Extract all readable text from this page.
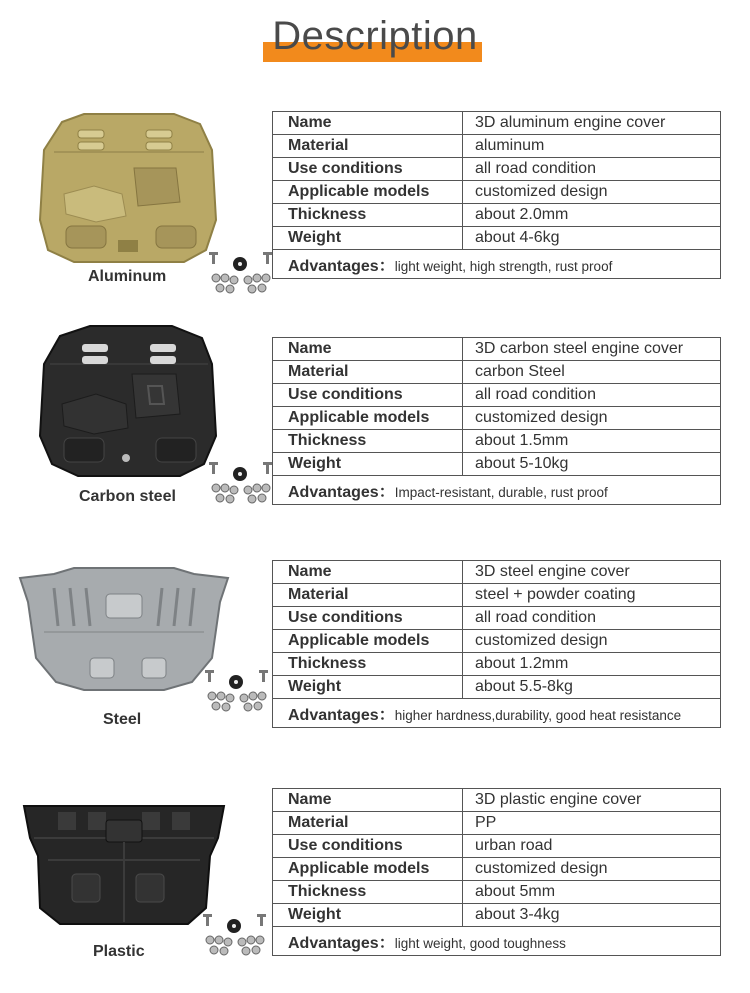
Description
Aluminum
Name	3D aluminum engine cover
Material	aluminum
Use conditions	all road condition
Applicable models	customized design
Thickness	about 2.0mm
Weight	about 4-6kg
Advantages：light weight, high strength, rust proof	
Carbon steel
Name	3D carbon steel engine cover
Material	carbon Steel
Use conditions	all road condition
Applicable models	customized design
Thickness	about 1.5mm
Weight	about 5-10kg
Advantages：Impact-resistant, durable, rust proof	
Steel
Name	3D steel engine cover
Material	steel + powder coating
Use conditions	all road condition
Applicable models	customized design
Thickness	about 1.2mm
Weight	about 5.5-8kg
Advantages：higher hardness,durability, good heat resistance	
Plastic
Name	3D plastic engine cover
Material	PP
Use conditions	urban road
Applicable models	customized design
Thickness	about 5mm
Weight	about 3-4kg
Advantages：light weight, good toughness	
